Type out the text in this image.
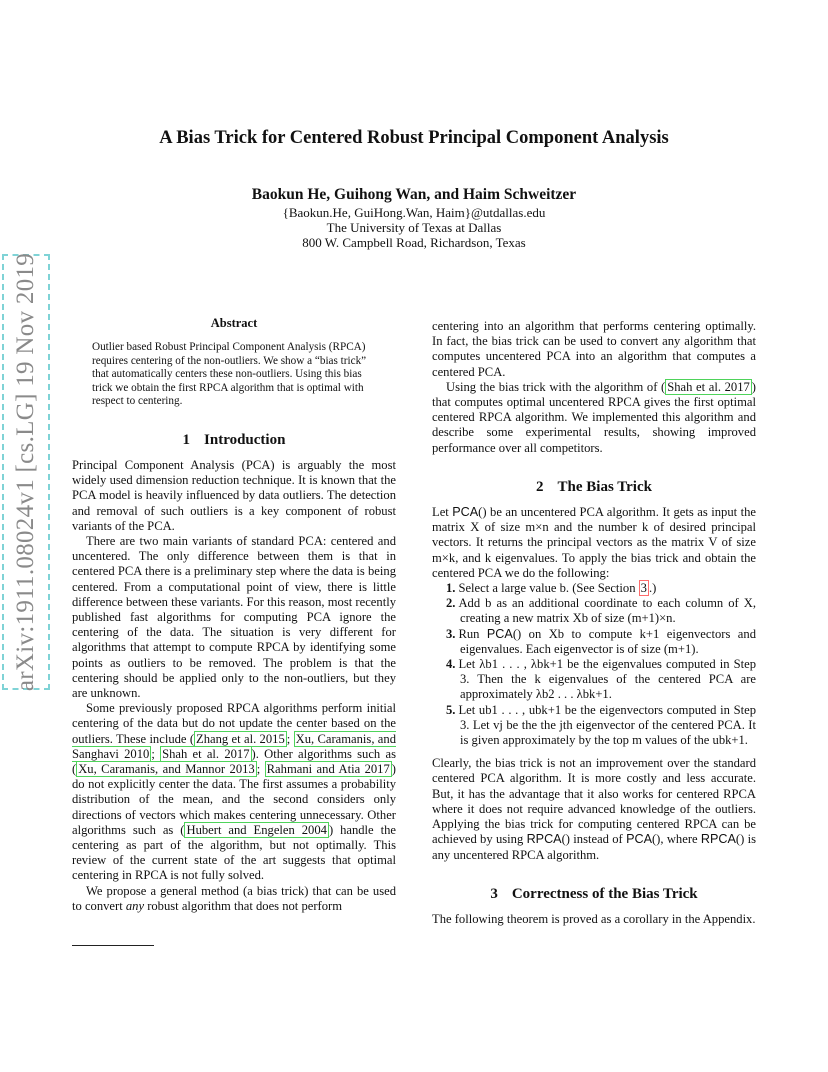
arXiv:1911.08024v1 [cs.LG] 19 Nov 2019
A Bias Trick for Centered Robust Principal Component Analysis
Baokun He, Guihong Wan, and Haim Schweitzer
{Baokun.He, GuiHong.Wan, Haim}@utdallas.edu
The University of Texas at Dallas
800 W. Campbell Road, Richardson, Texas
Abstract

Outlier based Robust Principal Component Analysis (RPCA) requires centering of the non-outliers. We show a “bias trick” that automatically centers these non-outliers. Using this bias trick we obtain the first RPCA algorithm that is optimal with respect to centering.

1 Introduction

Principal Component Analysis (PCA) is arguably the most widely used dimension reduction technique. It is known that the PCA model is heavily influenced by data outliers. The detection and removal of such outliers is a key component of robust variants of the PCA.

There are two main variants of standard PCA: centered and uncentered. The only difference between them is that in centered PCA there is a preliminary step where the data is being centered. From a computational point of view, there is little difference between these variants. For this reason, most recently published fast algorithms for computing PCA ignore the centering of the data. The situation is very different for algorithms that attempt to compute RPCA by identifying some points as outliers to be removed. The problem is that the centering should be applied only to the non-outliers, but they are unknown.

Some previously proposed RPCA algorithms perform initial centering of the data but do not update the center based on the outliers. These include ( Zhang et al. 2015 ; Xu, Caramanis, and Sanghavi 2010 ; Shah et al. 2017 ). Other algorithms such as ( Xu, Caramanis, and Mannor 2013 ; Rahmani and Atia 2017 ) do not explicitly center the data. The first assumes a probability distribution of the mean, and the second considers only directions of vectors which makes centering unnecessary. Other algorithms such as ( Hubert and Engelen 2004 ) handle the centering as part of the algorithm, but not optimally. This review of the current state of the art suggests that optimal centering in RPCA is not fully solved.

We propose a general method (a bias trick) that can be used to convert any robust algorithm that does not perform

centering into an algorithm that performs centering optimally. In fact, the bias trick can be used to convert any algorithm that computes uncentered PCA into an algorithm that computes a centered PCA.

Using the bias trick with the algorithm of ( Shah et al. 2017 ) that computes optimal uncentered RPCA gives the first optimal centered RPCA algorithm. We implemented this algorithm and describe some experimental results, showing improved performance over all competitors.

2 The Bias Trick

Let PCA() be an uncentered PCA algorithm. It gets as input the matrix X of size m×n and the number k of desired principal vectors. It returns the principal vectors as the matrix V of size m×k, and k eigenvalues. To apply the bias trick and obtain the centered PCA we do the following:

1. Select a large value b. (See Section 3 .)
2. Add b as an additional coordinate to each column of X, creating a new matrix Xb of size (m+1)×n.
3. Run PCA() on Xb to compute k+1 eigenvectors and eigenvalues. Each eigenvector is of size (m+1).
4. Let λb1 . . . , λbk+1 be the eigenvalues computed in Step 3. Then the k eigenvalues of the centered PCA are approximately λb2 . . . λbk+1.
5. Let ub1 . . . , ubk+1 be the eigenvectors computed in Step 3. Let vj be the the jth eigenvector of the centered PCA. It is given approximately by the top m values of the ubk+1.

Clearly, the bias trick is not an improvement over the standard centered PCA algorithm. It is more costly and less accurate. But, it has the advantage that it also works for centered RPCA where it does not require advanced knowledge of the outliers. Applying the bias trick for computing centered RPCA can be achieved by using RPCA() instead of PCA(), where RPCA() is any uncentered RPCA algorithm.

3 Correctness of the Bias Trick

The following theorem is proved as a corollary in the Appendix.
